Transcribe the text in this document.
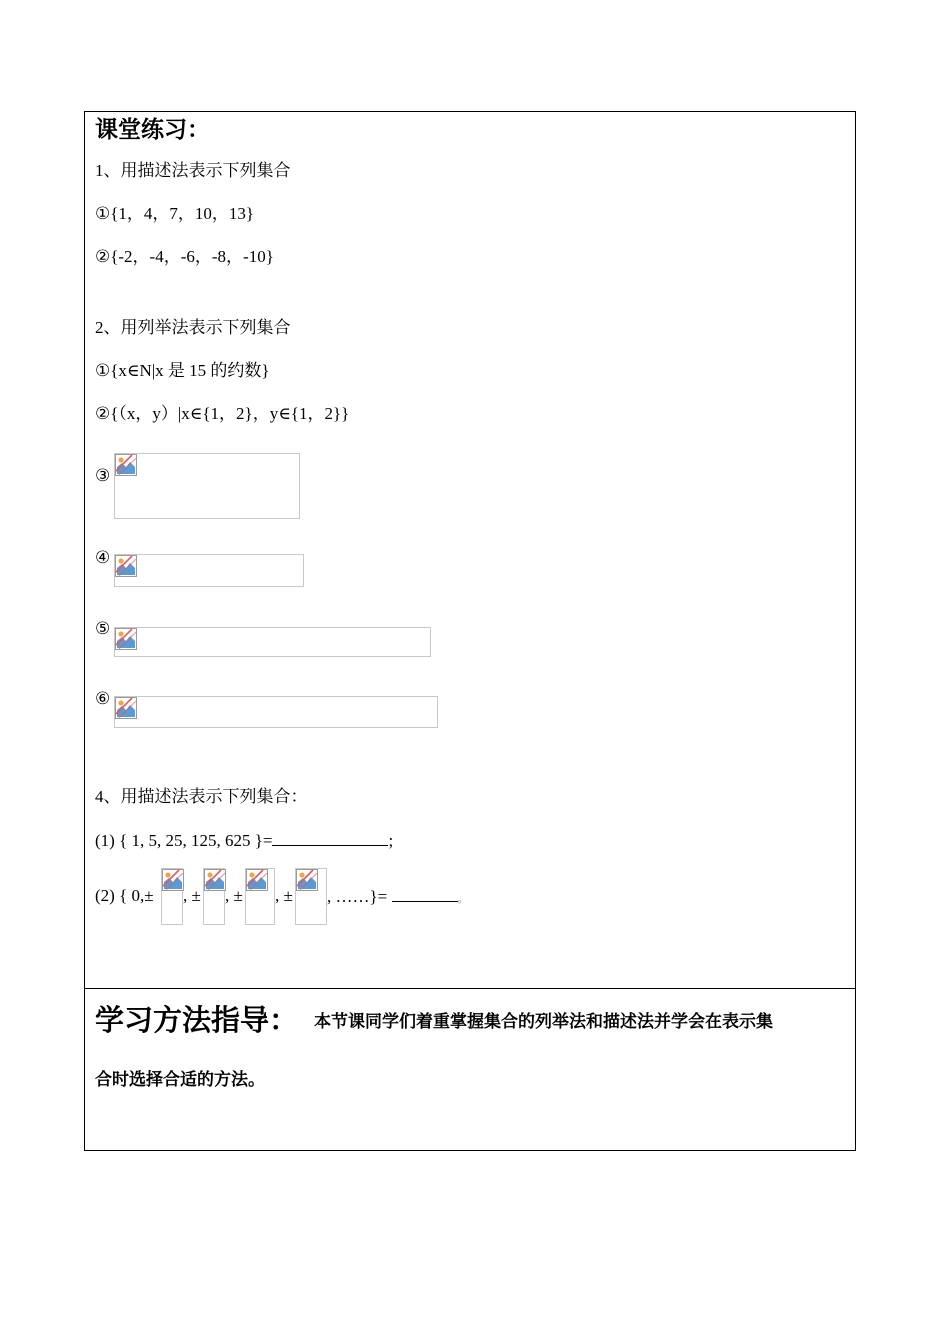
课堂练习：
1、用描述法表示下列集合
①{1，4，7，10，13}
②{-2，-4，-6，-8，-10}
2、用列举法表示下列集合
①{x∈N|x 是 15 的约数}
②{（x，y）|x∈{1，2}，y∈{1，2}}
③
④
⑤
⑥
4、用描述法表示下列集合：
(1) { 1, 5, 25, 125, 625 }=	;
(2) { 0,± , ± , ± , ± , ……}=	。
学习方法指导： 本节课同学们着重掌握集合的列举法和描述法并学会在表示集
合时选择合适的方法。
